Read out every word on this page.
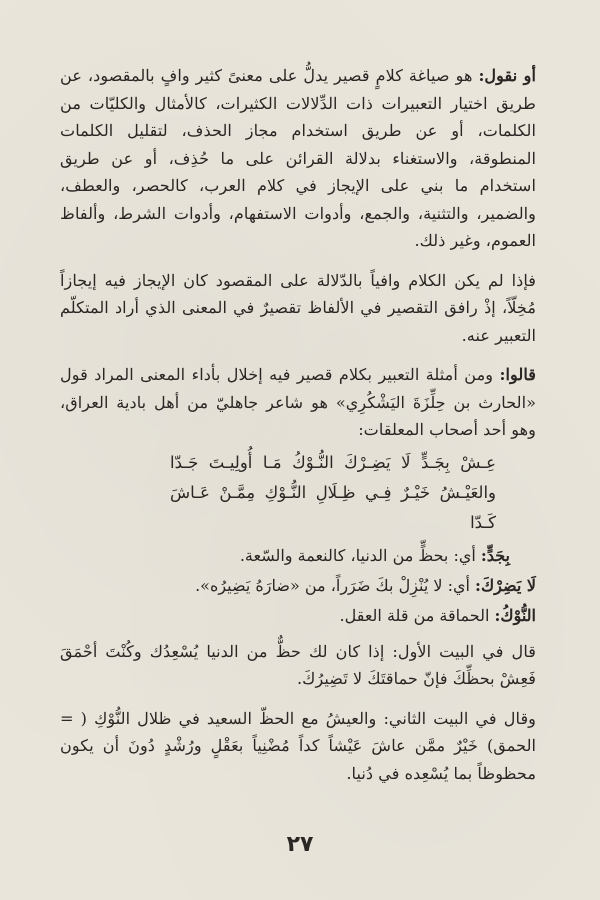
أو نقول: هو صياغة كلامٍ قصير يدلُّ على معنىً كثير وافٍ بالمقصود، عن طريق اختيار التعبيرات ذات الدِّلالات الكثيرات، كالأمثال والكليّات من الكلمات، أو عن طريق استخدام مجاز الحذف، لتقليل الكلمات المنطوقة، والاستغناء بدلالة القرائن على ما حُذِف، أو عن طريق استخدام ما بني على الإيجاز في كلام العرب، كالحصر، والعطف، والضمير، والتثنية، والجمع، وأدوات الاستفهام، وأدوات الشرط، وألفاظ العموم، وغير ذلك.

فإذا لم يكن الكلام وافياً بالدّلالة على المقصود كان الإيجاز فيه إيجازاً مُخِلّاً، إذْ رافق التقصير في الألفاظ تقصيرٌ في المعنى الذي أراد المتكلّم التعبير عنه.

قالوا: ومن أمثلة التعبير بكلام قصير فيه إخلال بأداء المعنى المراد قول «الحارث بن حِلِّزَةَ اليَشْكُرِي» هو شاعر جاهليّ من أهل بادية العراق، وهو أحد أصحاب المعلقات:

عِـشْ بِجَـدٍّ لَا يَضِـرْكَ النُّـوْكُ مَـا أُولِيـتَ جَـدّا
والعَيْـشُ خَيْـرٌ فِـي ظِـلَالِ النُّـوْكِ مِمَّـنْ عَـاشَ كَـدّا

بِجَدٍّ: أي: بحظٍّ من الدنيا، كالنعمة والسّعة.

لَا يَضِرْكَ: أي: لا يُنْزِلْ بكَ ضَرَراً، من «ضارَهُ يَضِيرُه».

النُّوْكُ: الحماقة من قلة العقل.

قال في البيت الأول: إذا كان لك حظٌّ من الدنيا يُسْعِدُك وكُنْتَ أحْمَقَ فَعِشْ بحظِّكَ فإنّ حماقتَكَ لا تَضِيرُكَ.

وقال في البيت الثاني: والعيشُ مع الحظّ السعيد في ظلال النُّوْكِ ( = الحمق) خَيْرٌ ممَّن عاشَ عَيْشاً كداً مُضْنِياً بعَقْلٍ ورُشْدٍ دُونَ أن يكون محظوظاً بما يُسْعِده في دُنيا.

٢٧
